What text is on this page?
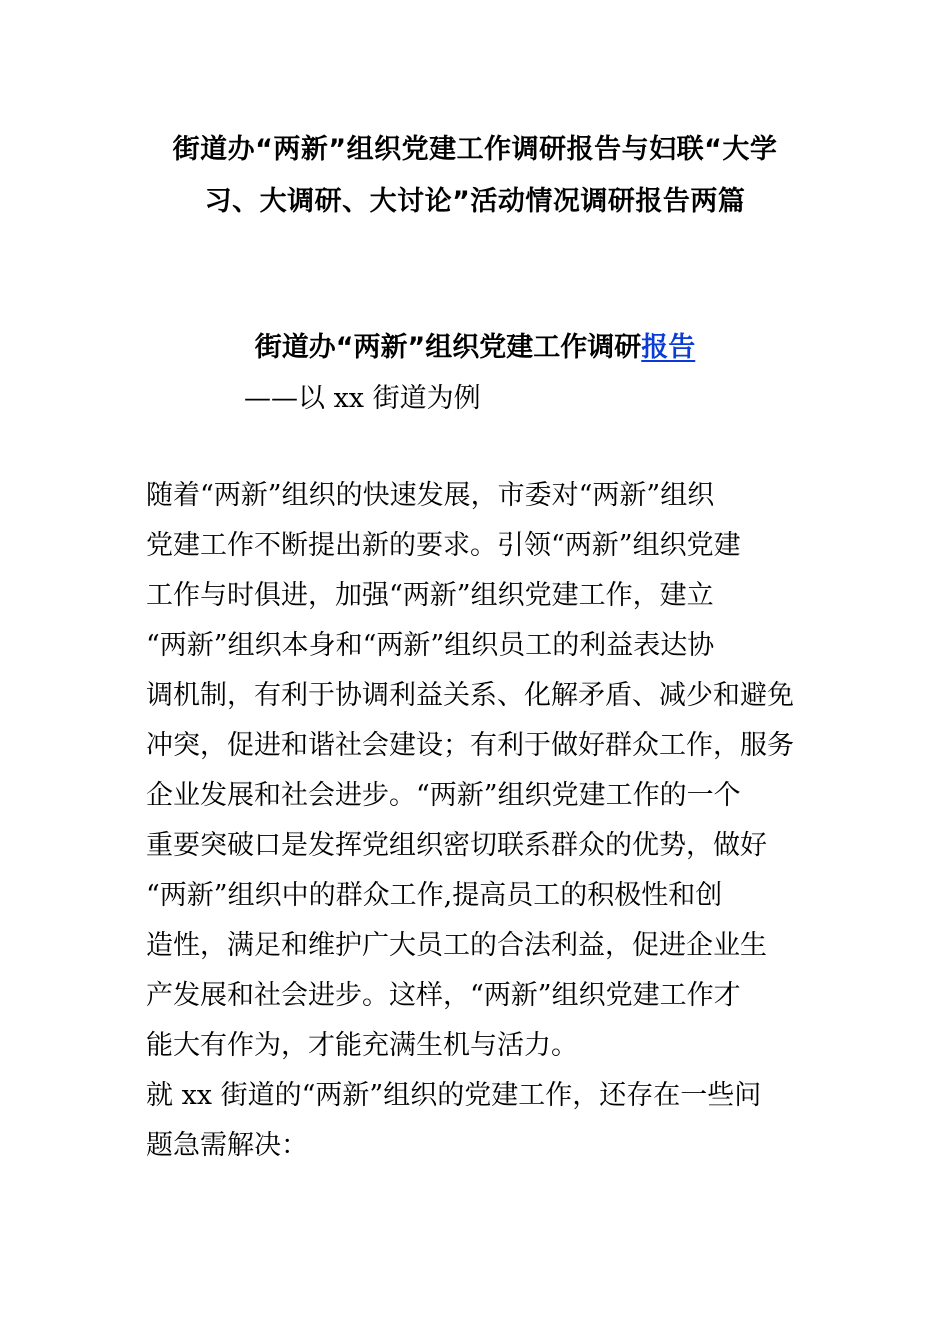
街道办“两新”组织党建工作调研报告与妇联“大学
习、大调研、大讨论”活动情况调研报告两篇
街道办“两新”组织党建工作调研报告
——以 xx 街道为例
随着“两新”组织的快速发展，市委对“两新”组织
党建工作不断提出新的要求。引领“两新”组织党建
工作与时俱进，加强“两新”组织党建工作，建立
“两新”组织本身和“两新”组织员工的利益表达协
调机制，有利于协调利益关系、化解矛盾、减少和避免
冲突，促进和谐社会建设；有利于做好群众工作，服务
企业发展和社会进步。“两新”组织党建工作的一个
重要突破口是发挥党组织密切联系群众的优势，做好
“两新”组织中的群众工作,提高员工的积极性和创
造性，满足和维护广大员工的合法利益，促进企业生
产发展和社会进步。这样，“两新”组织党建工作才
能大有作为，才能充满生机与活力。
就 xx 街道的“两新”组织的党建工作，还存在一些问
题急需解决：
